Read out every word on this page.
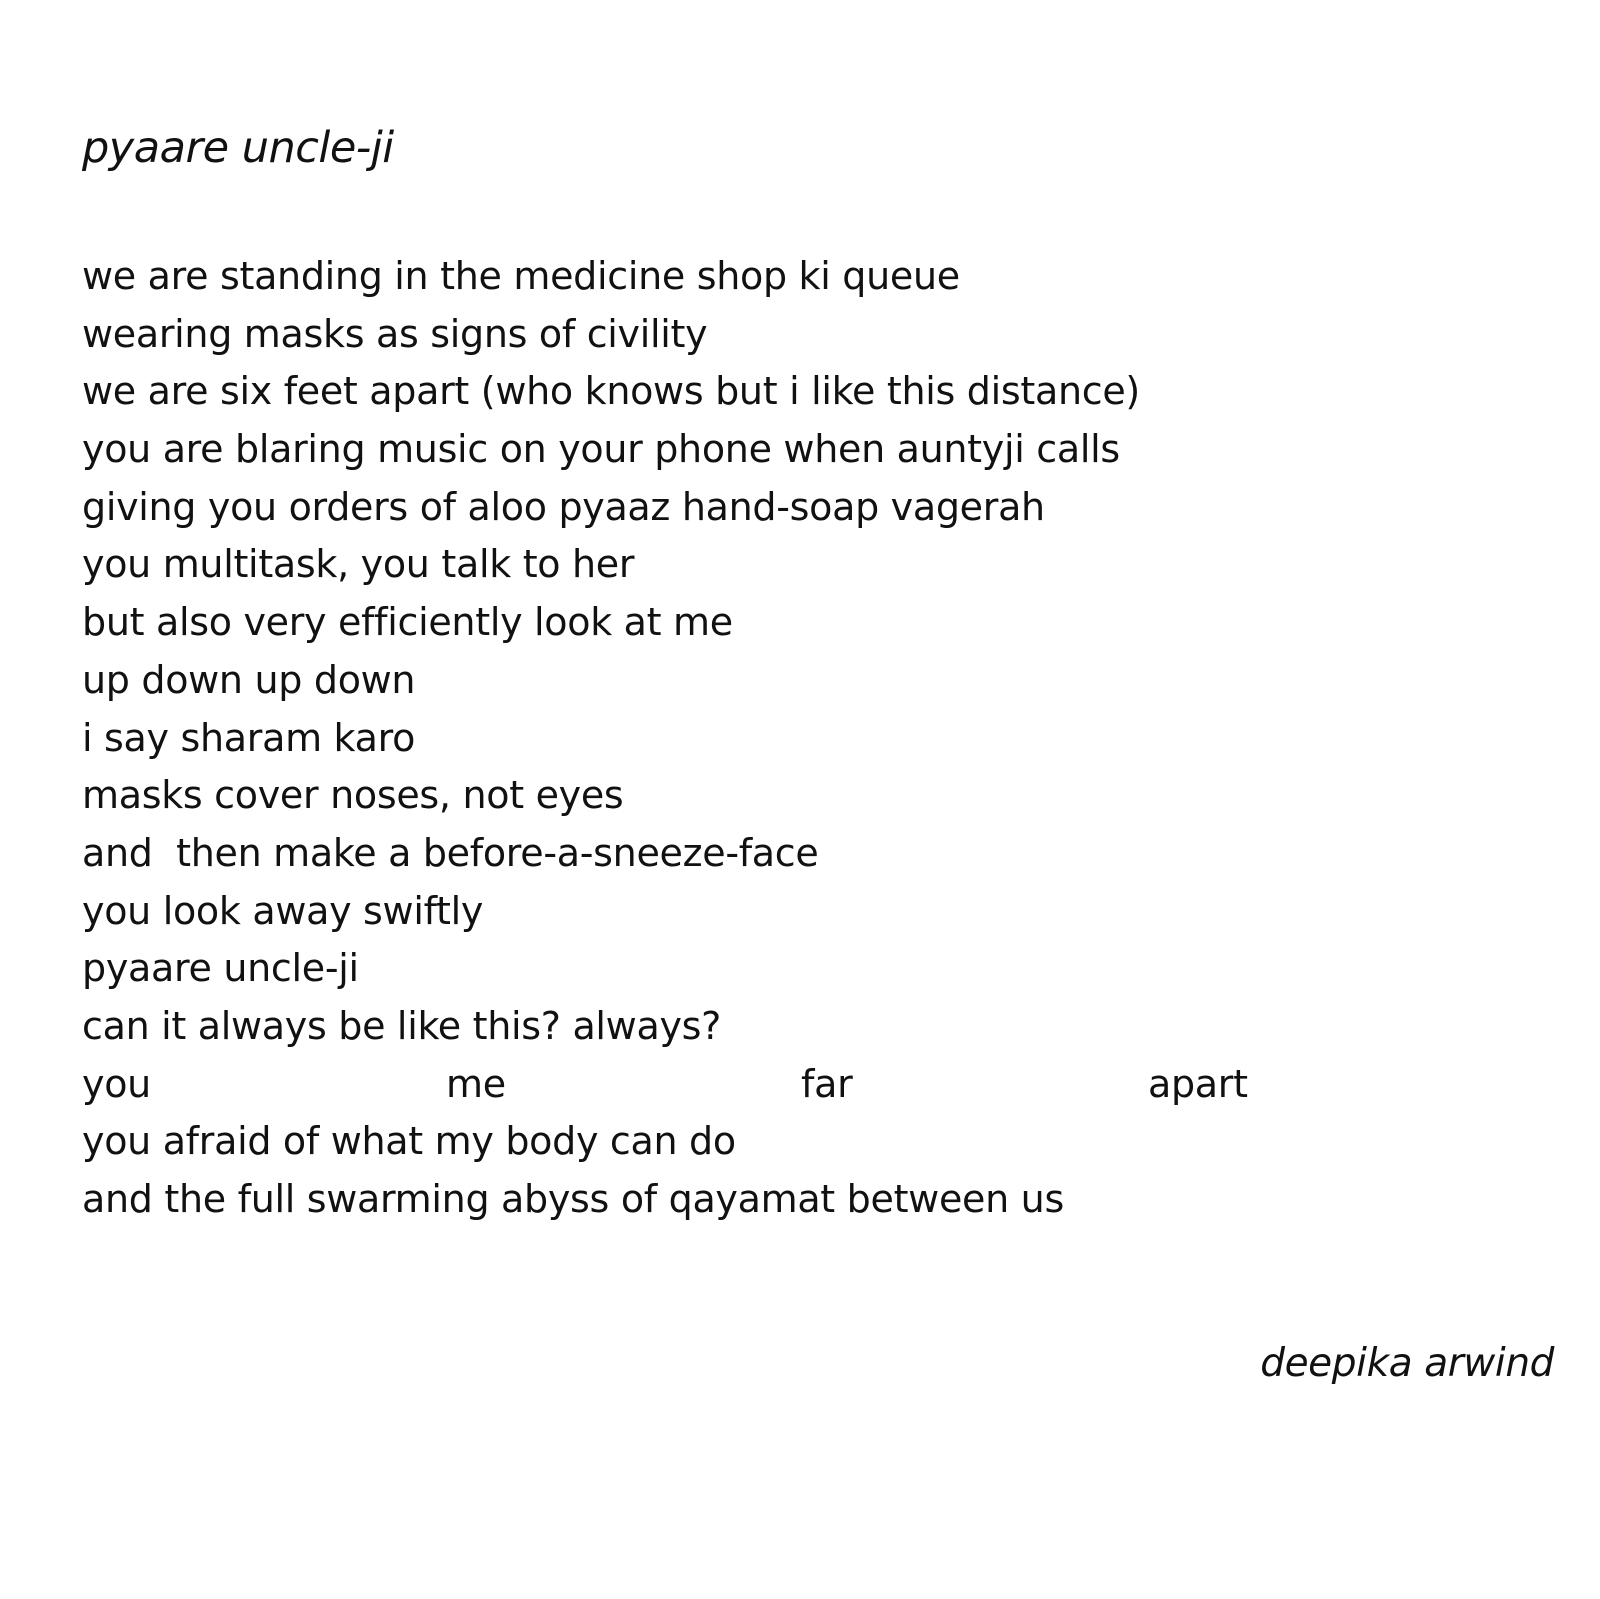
pyaare uncle-ji
we are standing in the medicine shop ki queue
wearing masks as signs of civility
we are six feet apart (who knows but i like this distance)
you are blaring music on your phone when auntyji calls
giving you orders of aloo pyaaz hand-soap vagerah
you multitask, you talk to her
but also very efficiently look at me
up down up down
i say sharam karo
masks cover noses, not eyes
and  then make a before-a-sneeze-face
you look away swiftly
pyaare uncle-ji
can it always be like this? always?

you

	me

	far

	apart

you afraid of what my body can do
and the full swarming abyss of qayamat between us

deepika arwind
